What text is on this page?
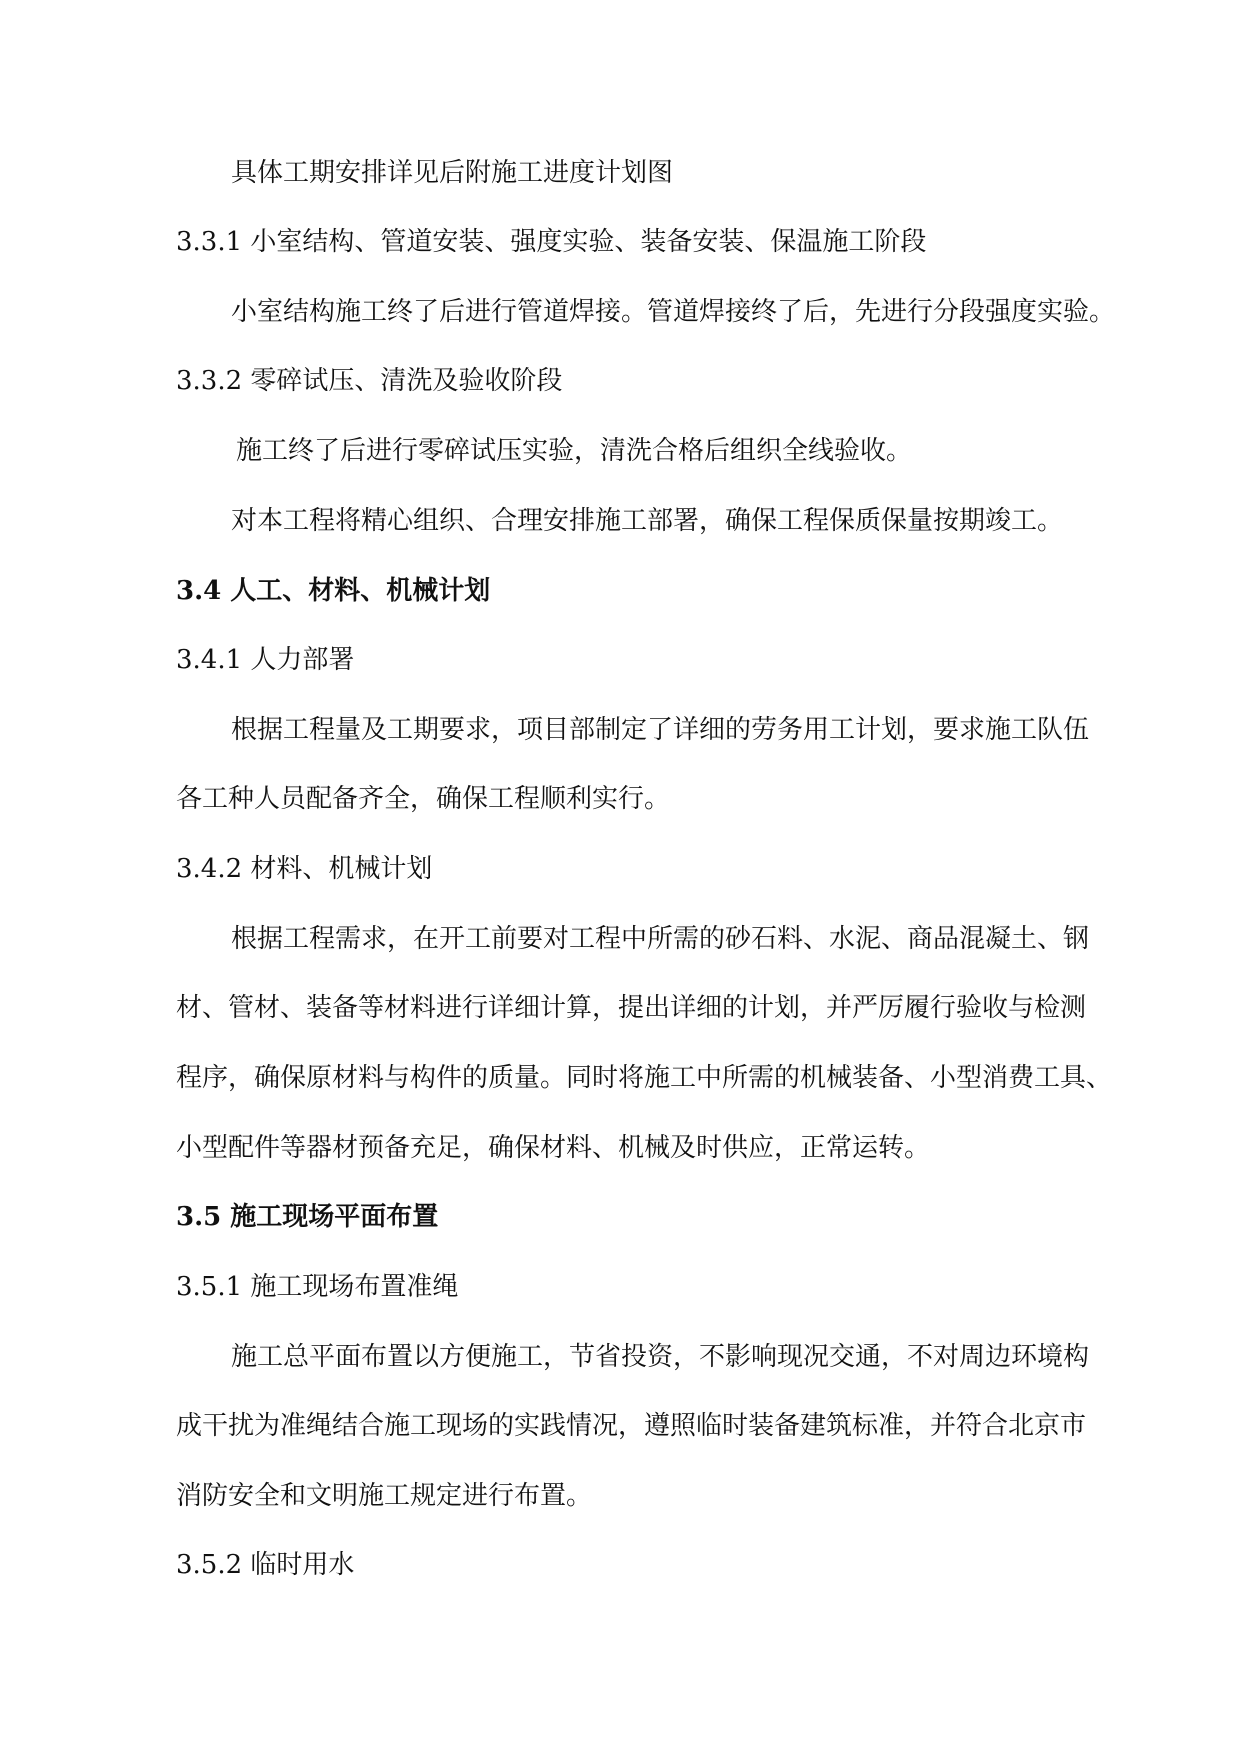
具体工期安排详见后附施工进度计划图
3.3.1 小室结构、管道安装、强度实验、装备安装、保温施工阶段
小室结构施工终了后进行管道焊接。管道焊接终了后，先进行分段强度实验。
3.3.2 零碎试压、清洗及验收阶段
施工终了后进行零碎试压实验，清洗合格后组织全线验收。
对本工程将精心组织、合理安排施工部署，确保工程保质保量按期竣工。
3.4 人工、材料、机械计划
3.4.1 人力部署
根据工程量及工期要求，项目部制定了详细的劳务用工计划，要求施工队伍
各工种人员配备齐全，确保工程顺利实行。
3.4.2 材料、机械计划
根据工程需求，在开工前要对工程中所需的砂石料、水泥、商品混凝土、钢
材、管材、装备等材料进行详细计算，提出详细的计划，并严厉履行验收与检测
程序，确保原材料与构件的质量。同时将施工中所需的机械装备、小型消费工具、
小型配件等器材预备充足，确保材料、机械及时供应，正常运转。
3.5 施工现场平面布置
3.5.1 施工现场布置准绳
施工总平面布置以方便施工，节省投资，不影响现况交通，不对周边环境构
成干扰为准绳结合施工现场的实践情况，遵照临时装备建筑标准，并符合北京市
消防安全和文明施工规定进行布置。
3.5.2 临时用水
